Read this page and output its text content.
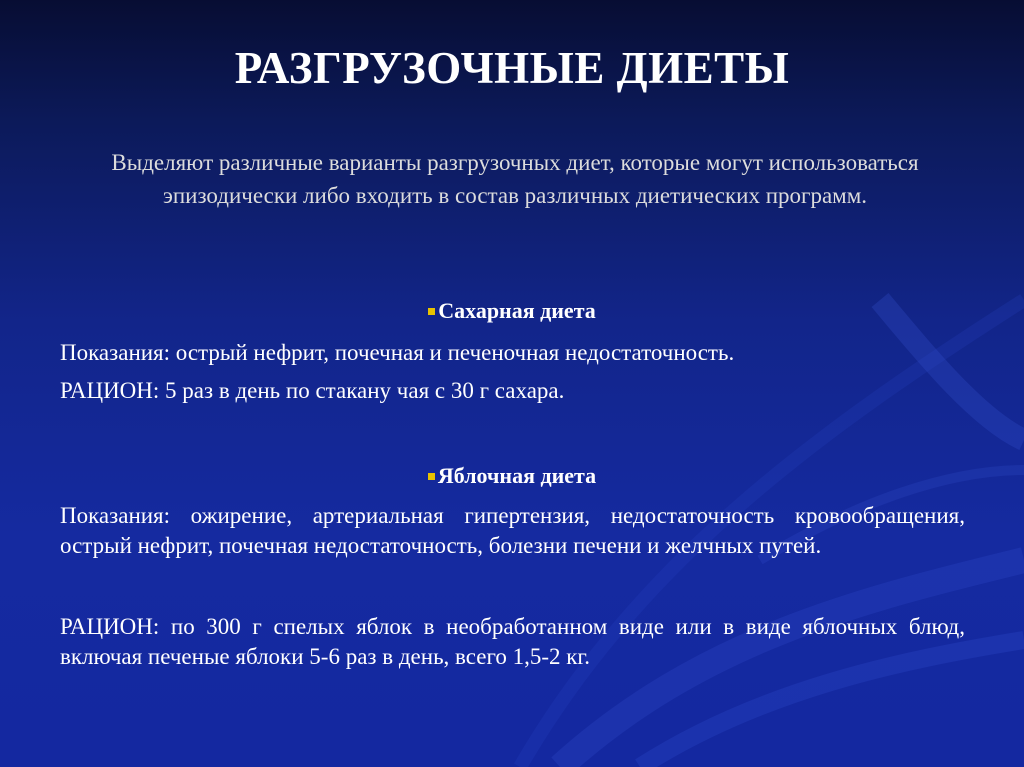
РАЗГРУЗОЧНЫЕ ДИЕТЫ
Выделяют различные варианты разгрузочных диет, которые могут использоваться эпизодически либо входить в состав различных диетических программ.
Сахарная диета
Показания: острый нефрит, почечная и печеночная недостаточность.
РАЦИОН: 5 раз в день по стакану чая с 30 г сахара.
Яблочная диета
Показания: ожирение, артериальная гипертензия, недостаточность кровообращения, острый нефрит, почечная недостаточность, болезни печени и желчных путей.
РАЦИОН: по 300 г спелых яблок в необработанном виде или в виде яблочных блюд, включая печеные яблоки 5-6 раз в день, всего 1,5-2 кг.
